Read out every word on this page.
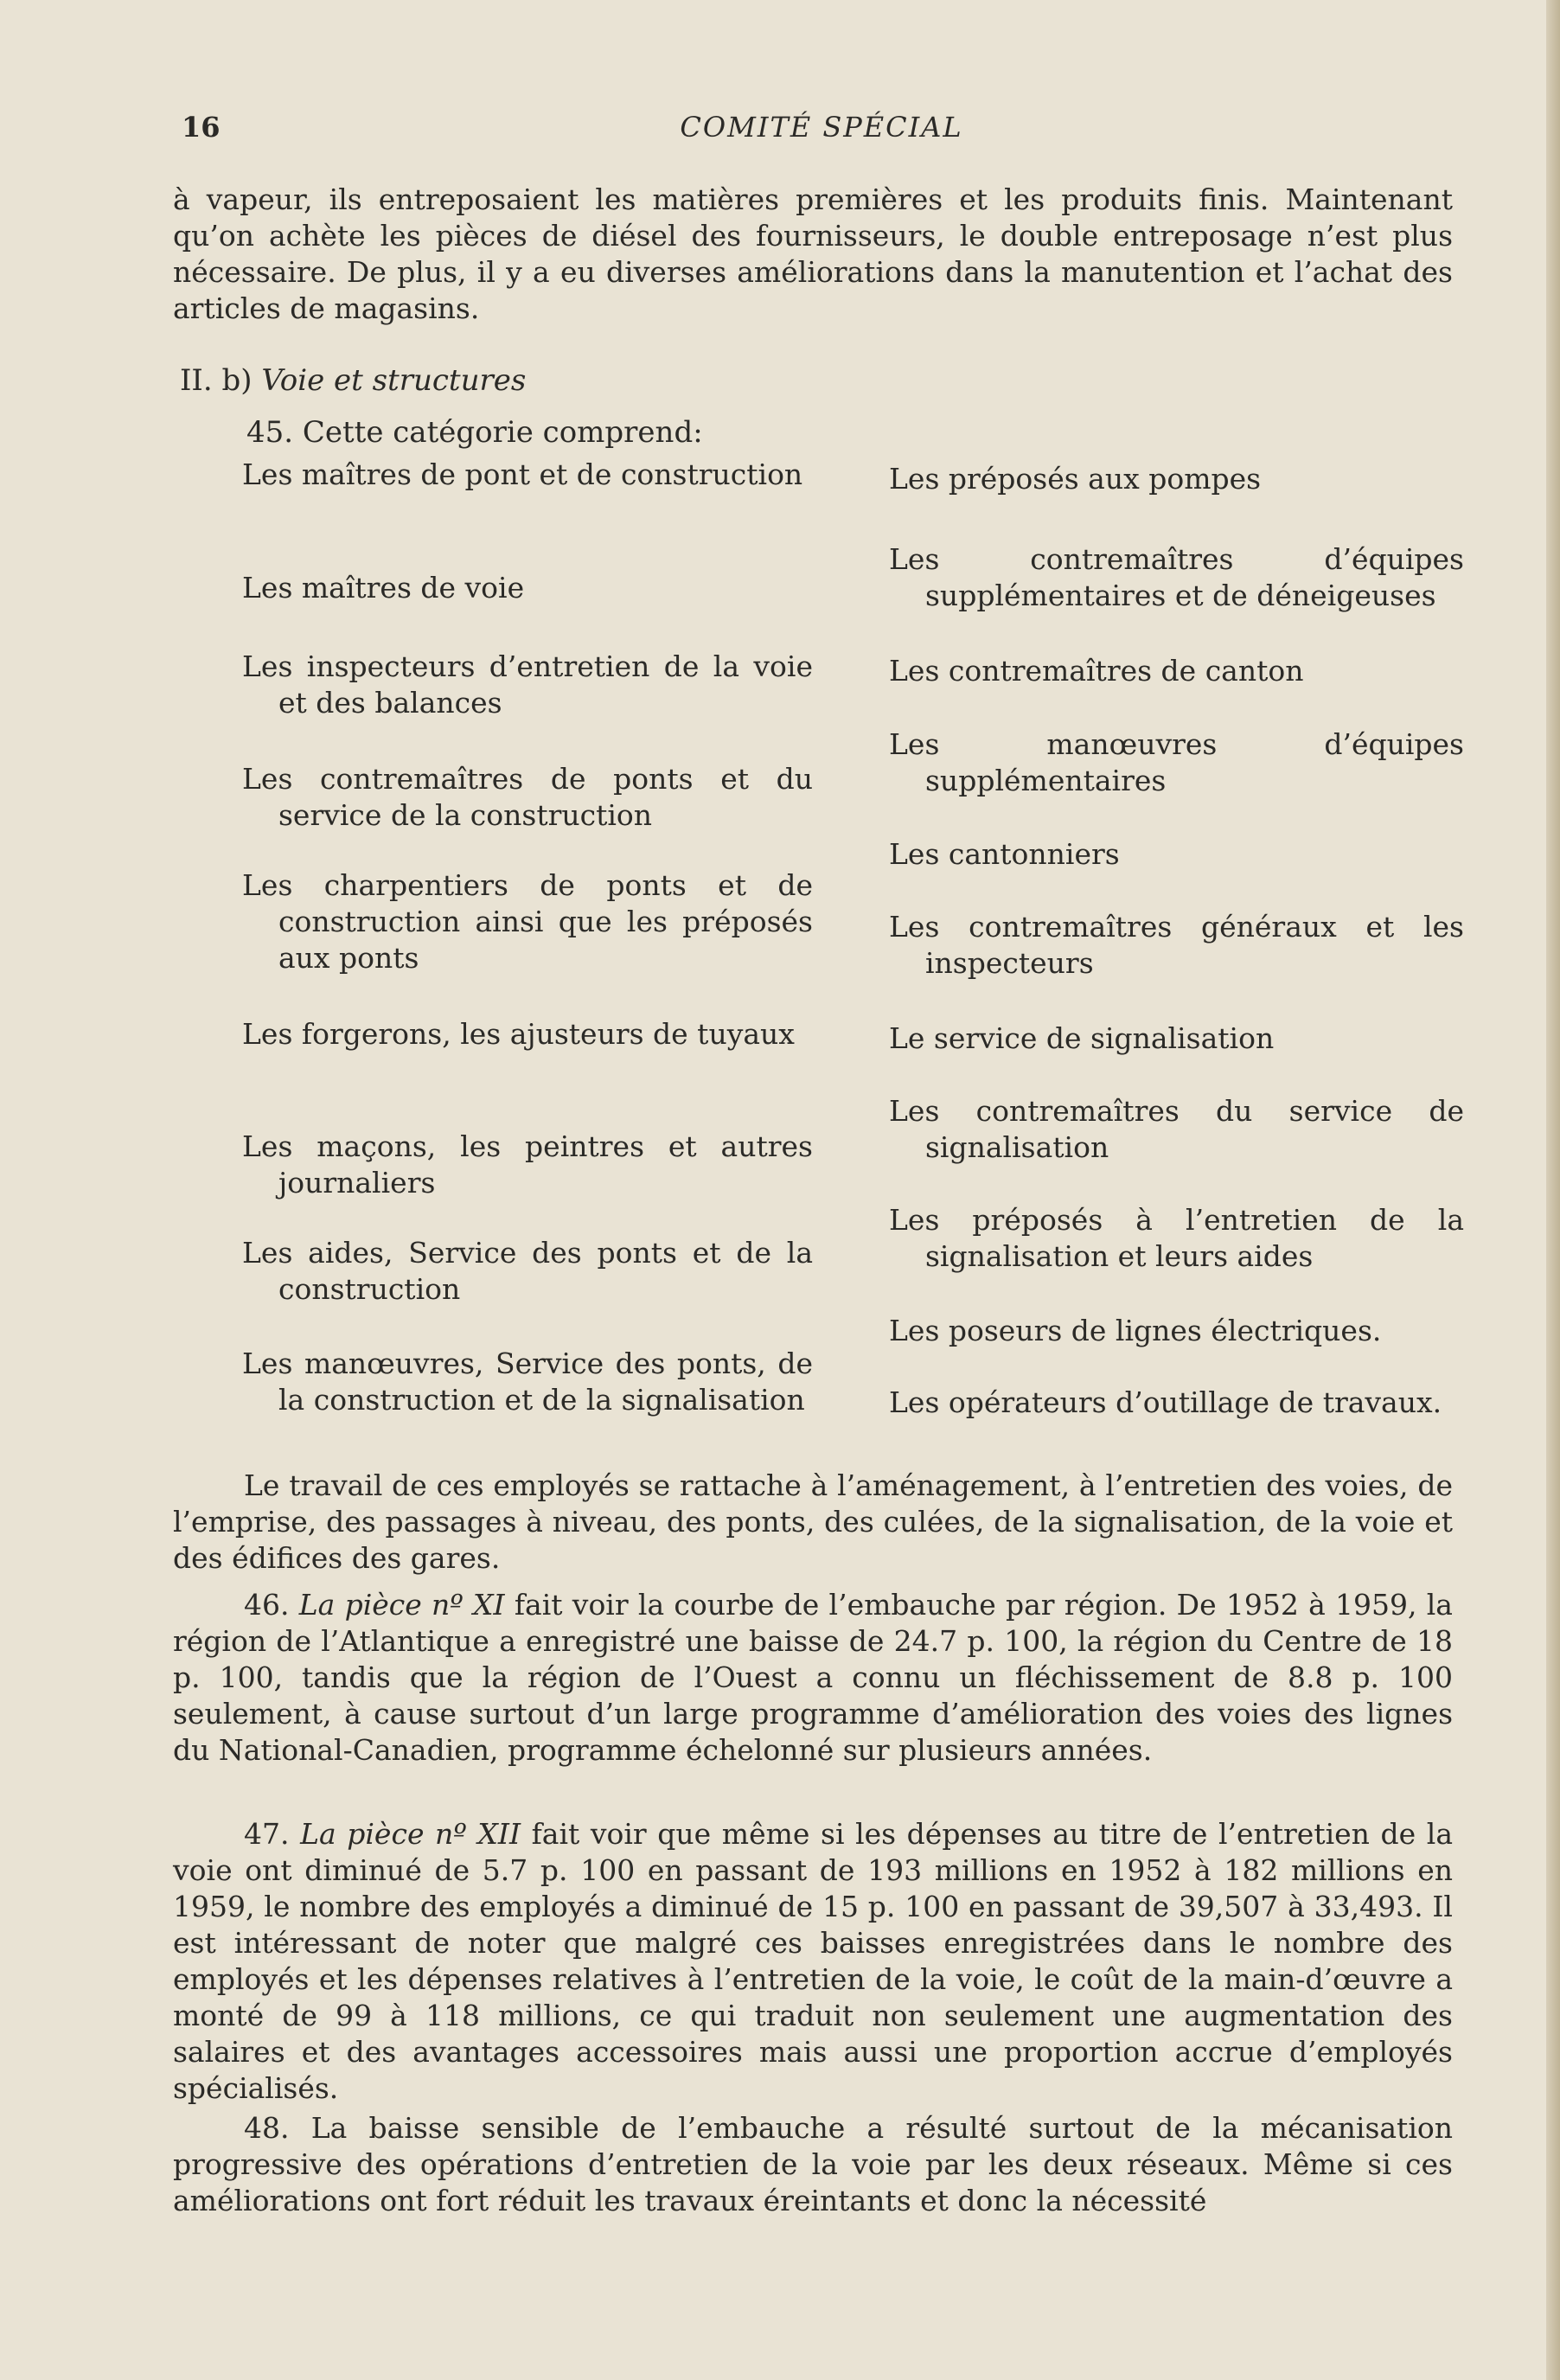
16	COMITÉ SPÉCIAL
à vapeur, ils entreposaient les matières premières et les produits finis. Maintenant qu’on achète les pièces de diésel des fournisseurs, le double entreposage n’est plus nécessaire. De plus, il y a eu diverses améliorations dans la manutention et l’achat des articles de magasins.
II. b) Voie et structures
45. Cette catégorie comprend:
Les maîtres de pont et de construction
Les maîtres de voie
Les inspecteurs d’entretien de la voie et des balances
Les contremaîtres de ponts et du service de la construction
Les charpentiers de ponts et de construction ainsi que les préposés aux ponts
Les forgerons, les ajusteurs de tuyaux
Les maçons, les peintres et autres journaliers
Les aides, Service des ponts et de la construction
Les manœuvres, Service des ponts, de la construction et de la signalisation
Les préposés aux pompes
Les contremaîtres d’équipes supplémentaires et de déneigeuses
Les contremaîtres de canton
Les manœuvres d’équipes supplémentaires
Les cantonniers
Les contremaîtres généraux et les inspecteurs
Le service de signalisation
Les contremaîtres du service de signalisation
Les préposés à l’entretien de la signalisation et leurs aides
Les poseurs de lignes électriques.
Les opérateurs d’outillage de travaux.
Le travail de ces employés se rattache à l’aménagement, à l’entretien des voies, de l’emprise, des passages à niveau, des ponts, des culées, de la signalisation, de la voie et des édifices des gares.
46. La pièce nº XI fait voir la courbe de l’embauche par région. De 1952 à 1959, la région de l’Atlantique a enregistré une baisse de 24.7 p. 100, la région du Centre de 18 p. 100, tandis que la région de l’Ouest a connu un fléchissement de 8.8 p. 100 seulement, à cause surtout d’un large programme d’amélioration des voies des lignes du National-Canadien, programme échelonné sur plusieurs années.
47. La pièce nº XII fait voir que même si les dépenses au titre de l’entretien de la voie ont diminué de 5.7 p. 100 en passant de 193 millions en 1952 à 182 millions en 1959, le nombre des employés a diminué de 15 p. 100 en passant de 39,507 à 33,493. Il est intéressant de noter que malgré ces baisses enregistrées dans le nombre des employés et les dépenses relatives à l’entretien de la voie, le coût de la main-d’œuvre a monté de 99 à 118 millions, ce qui traduit non seulement une augmentation des salaires et des avantages accessoires mais aussi une proportion accrue d’employés spécialisés.
48. La baisse sensible de l’embauche a résulté surtout de la mécanisation progressive des opérations d’entretien de la voie par les deux réseaux. Même si ces améliorations ont fort réduit les travaux éreintants et donc la nécessité
